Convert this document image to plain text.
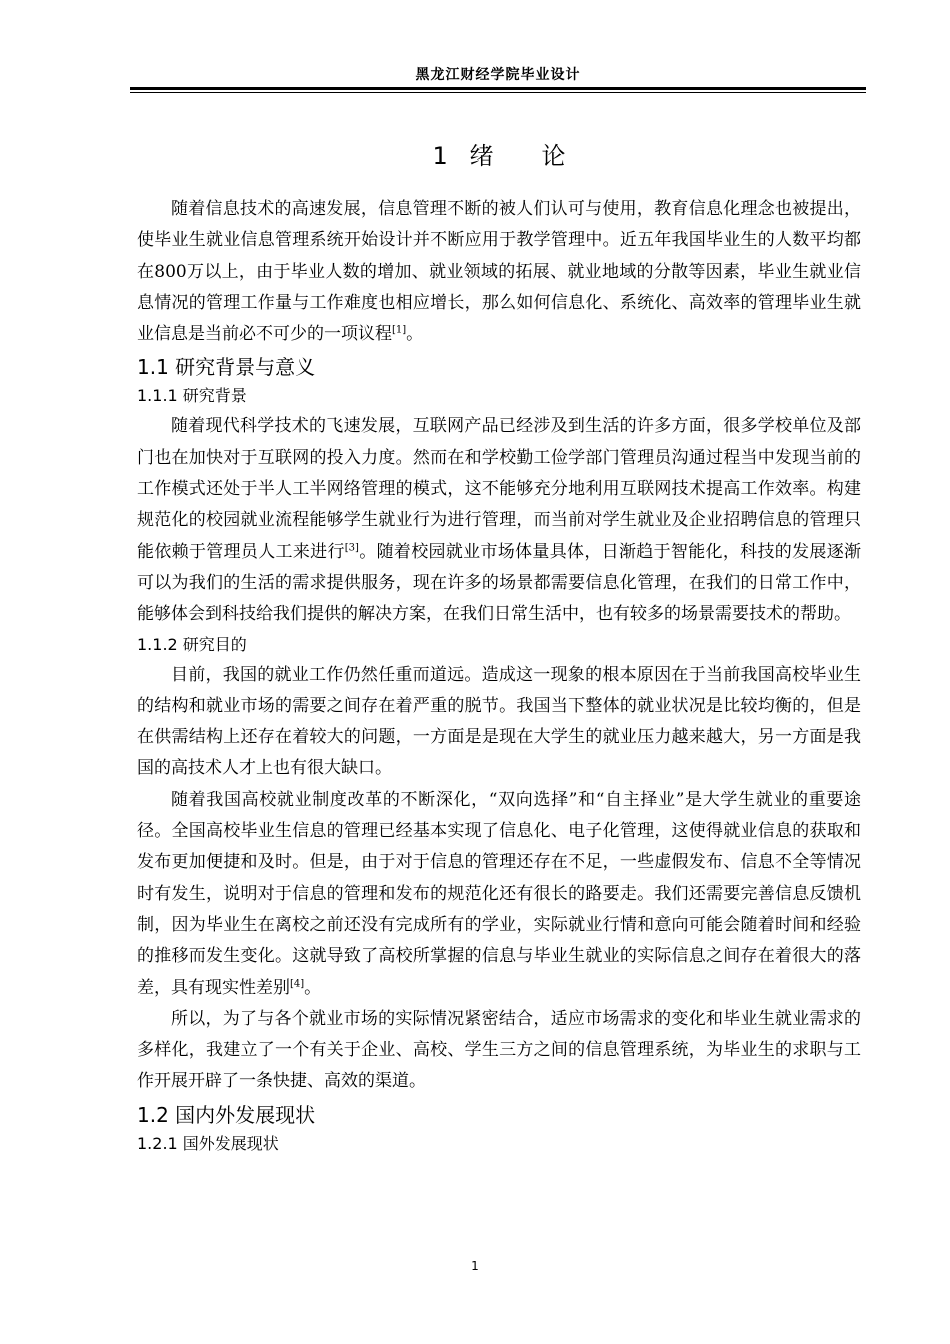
黑龙江财经学院毕业设计
1 绪　　论

随着信息技术的高速发展，信息管理不断的被人们认可与使用，教育信息化理念也被提出，使毕业生就业信息管理系统开始设计并不断应用于教学管理中。近五年我国毕业生的人数平均都在800万以上，由于毕业人数的增加、就业领域的拓展、就业地域的分散等因素，毕业生就业信息情况的管理工作量与工作难度也相应增长，那么如何信息化、系统化、高效率的管理毕业生就业信息是当前必不可少的一项议程[1]。

1.1 研究背景与意义
1.1.1 研究背景

随着现代科学技术的飞速发展，互联网产品已经涉及到生活的许多方面，很多学校单位及部门也在加快对于互联网的投入力度。然而在和学校勤工俭学部门管理员沟通过程当中发现当前的工作模式还处于半人工半网络管理的模式，这不能够充分地利用互联网技术提高工作效率。构建规范化的校园就业流程能够学生就业行为进行管理，而当前对学生就业及企业招聘信息的管理只能依赖于管理员人工来进行[3]。随着校园就业市场体量具体，日渐趋于智能化，科技的发展逐渐可以为我们的生活的需求提供服务，现在许多的场景都需要信息化管理，在我们的日常工作中，能够体会到科技给我们提供的解决方案，在我们日常生活中，也有较多的场景需要技术的帮助。

1.1.2 研究目的

目前，我国的就业工作仍然任重而道远。造成这一现象的根本原因在于当前我国高校毕业生的结构和就业市场的需要之间存在着严重的脱节。我国当下整体的就业状况是比较均衡的，但是在供需结构上还存在着较大的问题，一方面是是现在大学生的就业压力越来越大，另一方面是我国的高技术人才上也有很大缺口。

随着我国高校就业制度改革的不断深化，“双向选择”和“自主择业”是大学生就业的重要途径。全国高校毕业生信息的管理已经基本实现了信息化、电子化管理，这使得就业信息的获取和发布更加便捷和及时。但是，由于对于信息的管理还存在不足，一些虚假发布、信息不全等情况时有发生，说明对于信息的管理和发布的规范化还有很长的路要走。我们还需要完善信息反馈机制，因为毕业生在离校之前还没有完成所有的学业，实际就业行情和意向可能会随着时间和经验的推移而发生变化。这就导致了高校所掌握的信息与毕业生就业的实际信息之间存在着很大的落差，具有现实性差别[4]。

所以，为了与各个就业市场的实际情况紧密结合，适应市场需求的变化和毕业生就业需求的多样化，我建立了一个有关于企业、高校、学生三方之间的信息管理系统，为毕业生的求职与工作开展开辟了一条快捷、高效的渠道。

1.2 国内外发展现状
1.2.1 国外发展现状
1
